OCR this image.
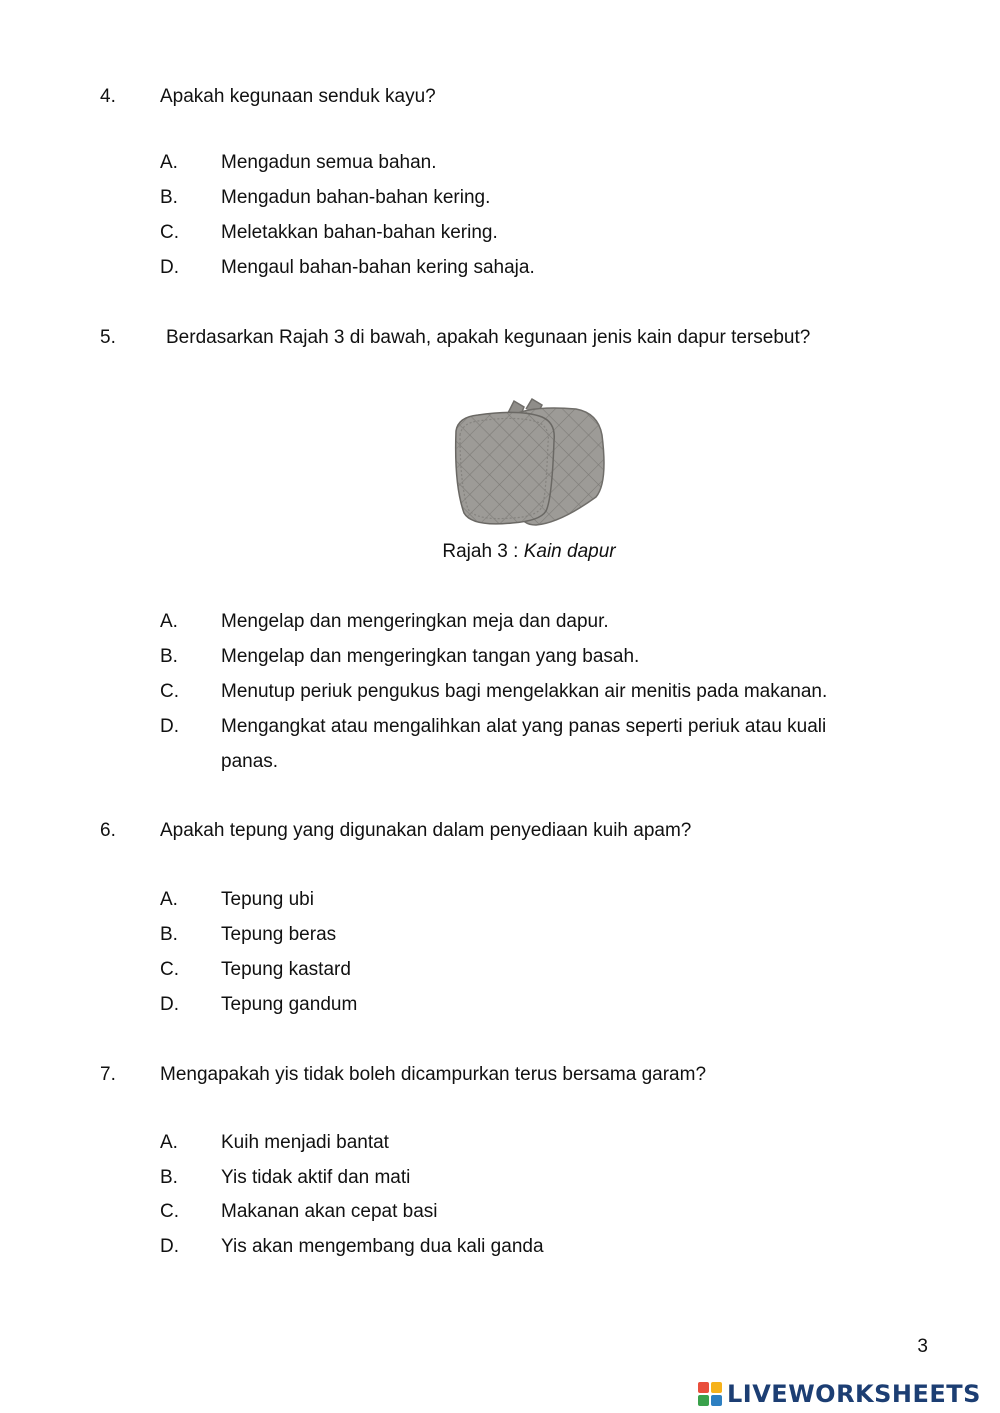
4. Apakah kegunaan senduk kayu?
A. Mengadun semua bahan.
B. Mengadun bahan-bahan kering.
C. Meletakkan bahan-bahan kering.
D. Mengaul bahan-bahan kering sahaja.
5.	Berdasarkan Rajah 3 di bawah, apakah kegunaan jenis kain dapur tersebut?
Rajah 3 : Kain dapur
A. Mengelap dan mengeringkan meja dan dapur.
B. Mengelap dan mengeringkan tangan yang basah.
C. Menutup periuk pengukus bagi mengelakkan air menitis pada makanan.
D. Mengangkat atau mengalihkan alat yang panas seperti periuk atau kuali panas.
6. Apakah tepung yang digunakan dalam penyediaan kuih apam?
A. Tepung ubi
B. Tepung beras
C. Tepung kastard
D. Tepung gandum
7. Mengapakah yis tidak boleh dicampurkan terus bersama garam?
A. Kuih menjadi bantat
B. Yis tidak aktif dan mati
C. Makanan akan cepat basi
D. Yis akan mengembang dua kali ganda
3
LIVEWORKSHEETS
